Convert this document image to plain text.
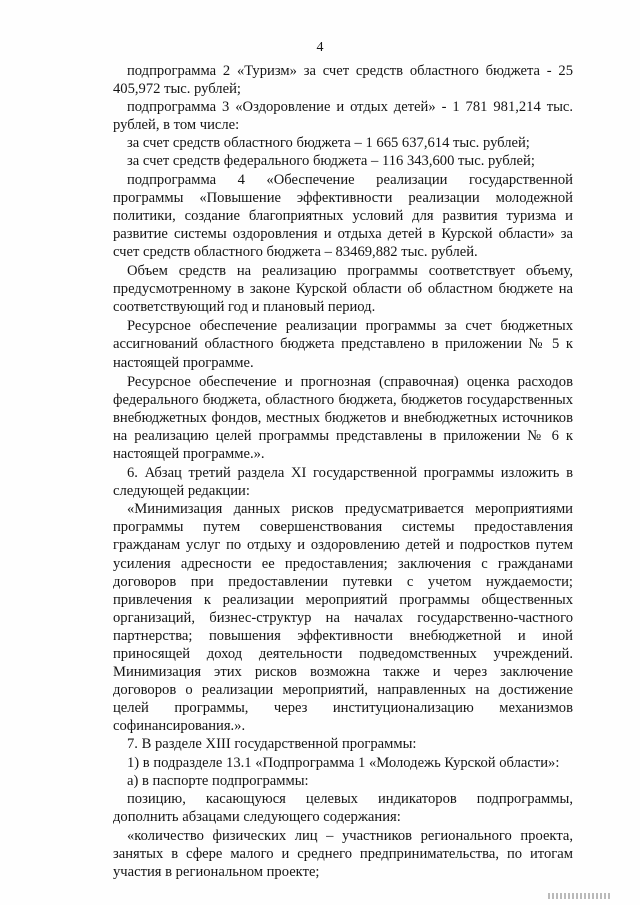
4

подпрограмма 2 «Туризм» за счет средств областного бюджета - 25 405,972 тыс. рублей;

подпрограмма 3 «Оздоровление и отдых детей» - 1 781 981,214 тыс. рублей, в том числе:

за счет средств областного бюджета – 1 665 637,614 тыс. рублей;

за счет средств федерального бюджета – 116 343,600 тыс. рублей;

подпрограмма 4 «Обеспечение реализации государственной программы «Повышение эффективности реализации молодежной политики, создание благоприятных условий для развития туризма и развитие системы оздоровления и отдыха детей в Курской области» за счет средств областного бюджета – 83469,882 тыс. рублей.

Объем средств на реализацию программы соответствует объему, предусмотренному в законе Курской области об областном бюджете на соответствующий год и плановый период.

Ресурсное обеспечение реализации программы за счет бюджетных ассигнований областного бюджета представлено в приложении № 5 к настоящей программе.

Ресурсное обеспечение и прогнозная (справочная) оценка расходов федерального бюджета, областного бюджета, бюджетов государственных внебюджетных фондов, местных бюджетов и внебюджетных источников на реализацию целей программы представлены в приложении № 6 к настоящей программе.».

6. Абзац третий раздела XI государственной программы изложить в следующей редакции:

«Минимизация данных рисков предусматривается мероприятиями программы путем совершенствования системы предоставления гражданам услуг по отдыху и оздоровлению детей и подростков путем усиления адресности ее предоставления; заключения с гражданами договоров при предоставлении путевки с учетом нуждаемости; привлечения к реализации мероприятий программы общественных организаций, бизнес-структур на началах государственно-частного партнерства; повышения эффективности внебюджетной и иной приносящей доход деятельности подведомственных учреждений. Минимизация этих рисков возможна также и через заключение договоров о реализации мероприятий, направленных на достижение целей программы, через институционализацию механизмов софинансирования.».

7. В разделе XIII государственной программы:

1) в подразделе 13.1 «Подпрограмма 1 «Молодежь Курской области»:

а) в паспорте подпрограммы:

позицию, касающуюся целевых индикаторов подпрограммы, дополнить абзацами следующего содержания:

«количество физических лиц – участников регионального проекта, занятых в сфере малого и среднего предпринимательства, по итогам участия в региональном проекте;
